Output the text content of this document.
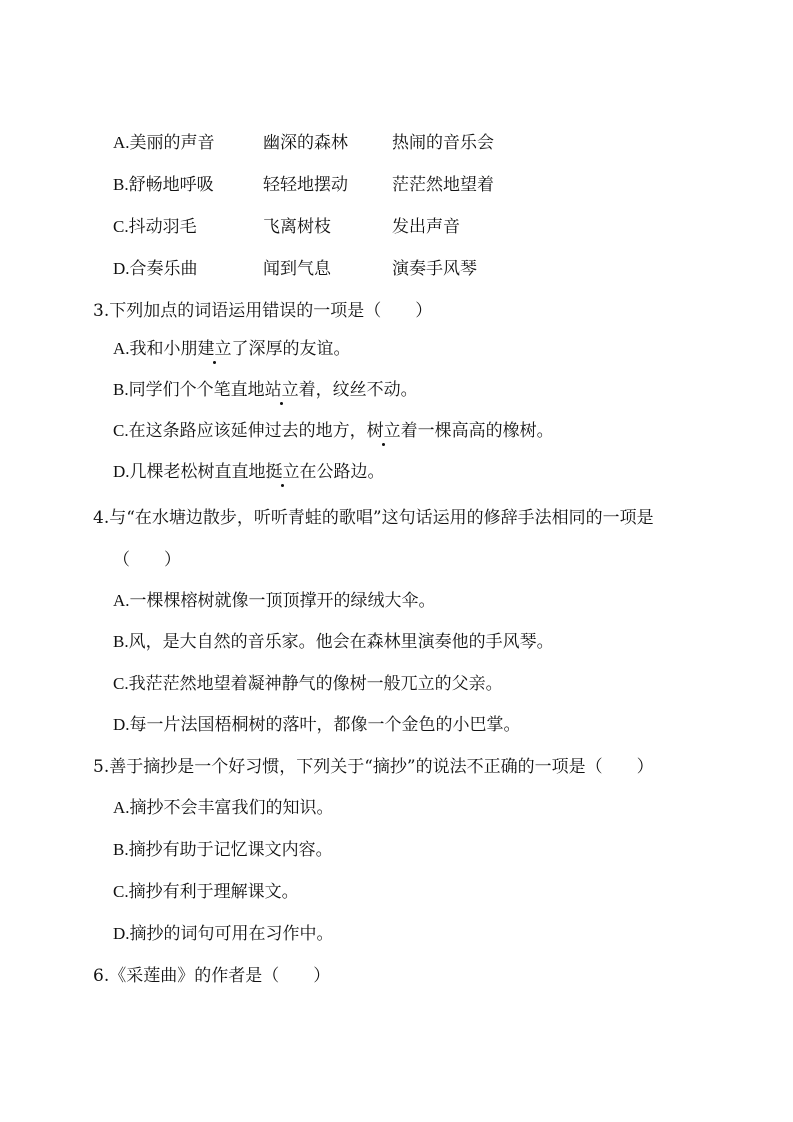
A.美丽的声音	幽深的森林	热闹的音乐会
B.舒畅地呼吸	轻轻地摆动	茫茫然地望着
C.抖动羽毛	飞离树枝	发出声音
D.合奏乐曲	闻到气息	演奏手风琴
3.下列加点的词语运用错误的一项是（　　）
A.我和小朋建立了深厚的友谊。
B.同学们个个笔直地站立着，纹丝不动。
C.在这条路应该延伸过去的地方，树立着一棵高高的橡树。
D.几棵老松树直直地挺立在公路边。
4.与“在水塘边散步，听听青蛙的歌唱”这句话运用的修辞手法相同的一项是
（　　）
A.一棵棵榕树就像一顶顶撑开的绿绒大伞。
B.风，是大自然的音乐家。他会在森林里演奏他的手风琴。
C.我茫茫然地望着凝神静气的像树一般兀立的父亲。
D.每一片法国梧桐树的落叶，都像一个金色的小巴掌。
5.善于摘抄是一个好习惯，下列关于“摘抄”的说法不正确的一项是（　　）
A.摘抄不会丰富我们的知识。
B.摘抄有助于记忆课文内容。
C.摘抄有利于理解课文。
D.摘抄的词句可用在习作中。
6.《采莲曲》的作者是（　　）
